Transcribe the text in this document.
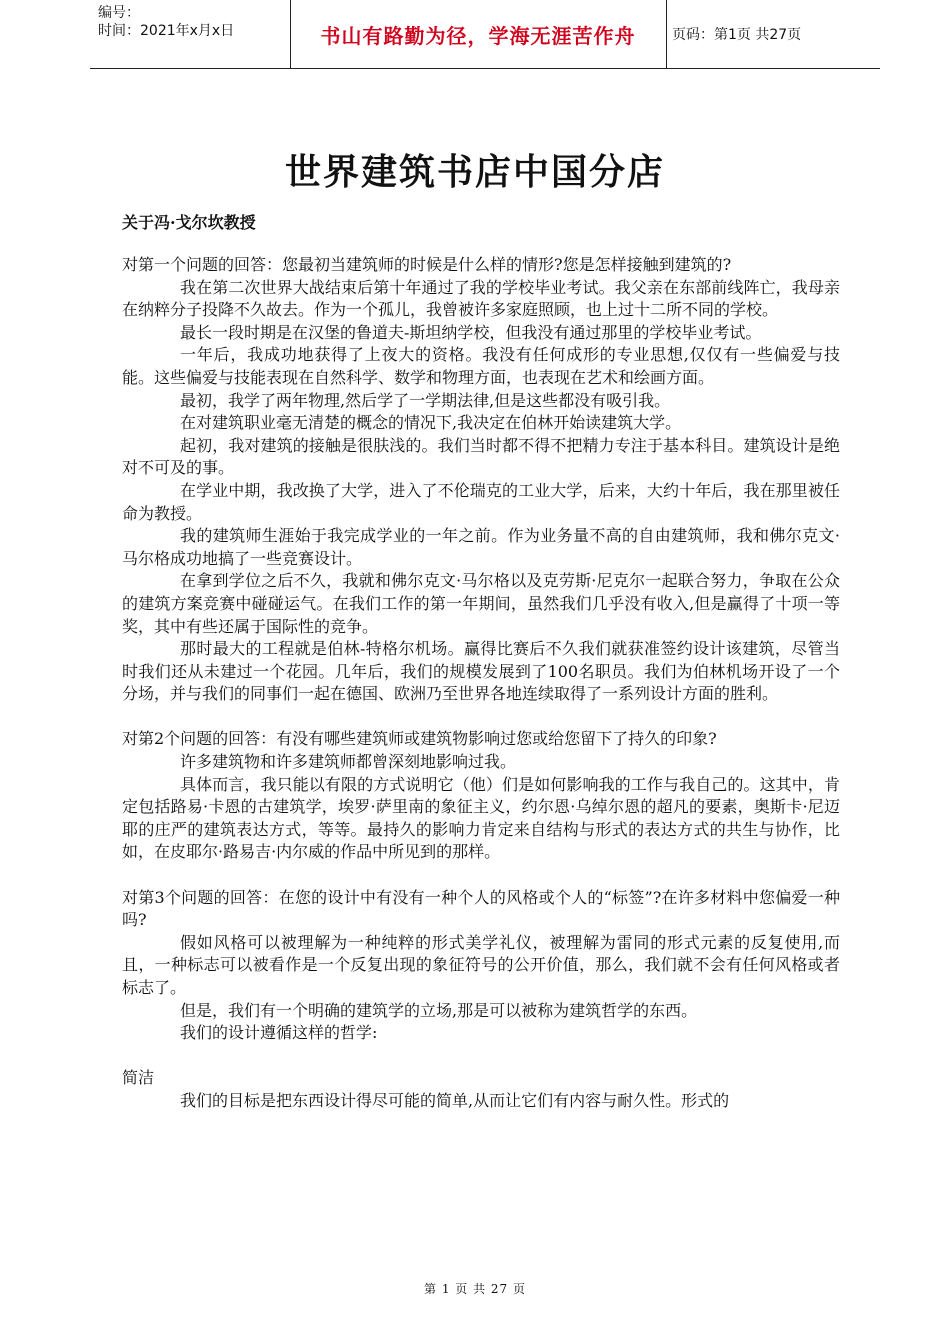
编号：
时间：2021年x月x日	书山有路勤为径，学海无涯苦作舟	页码：第1页 共27页
世界建筑书店中国分店
关于冯·戈尔坎教授

对第一个问题的回答：您最初当建筑师的时候是什么样的情形?您是怎样接触到建筑的?

我在第二次世界大战结束后第十年通过了我的学校毕业考试。我父亲在东部前线阵亡，我母亲在纳粹分子投降不久故去。作为一个孤儿，我曾被许多家庭照顾，也上过十二所不同的学校。

最长一段时期是在汉堡的鲁道夫-斯坦纳学校，但我没有通过那里的学校毕业考试。

一年后，我成功地获得了上夜大的资格。我没有任何成形的专业思想,仅仅有一些偏爱与技能。这些偏爱与技能表现在自然科学、数学和物理方面，也表现在艺术和绘画方面。

最初，我学了两年物理,然后学了一学期法律,但是这些都没有吸引我。

在对建筑职业毫无清楚的概念的情况下,我决定在伯林开始读建筑大学。

起初，我对建筑的接触是很肤浅的。我们当时都不得不把精力专注于基本科目。建筑设计是绝对不可及的事。

在学业中期，我改换了大学，进入了不伦瑞克的工业大学，后来，大约十年后，我在那里被任命为教授。

我的建筑师生涯始于我完成学业的一年之前。作为业务量不高的自由建筑师，我和佛尔克文·马尔格成功地搞了一些竞赛设计。

在拿到学位之后不久，我就和佛尔克文·马尔格以及克劳斯·尼克尔一起联合努力，争取在公众的建筑方案竞赛中碰碰运气。在我们工作的第一年期间，虽然我们几乎没有收入,但是赢得了十项一等奖，其中有些还属于国际性的竞争。

那时最大的工程就是伯林-特格尔机场。赢得比赛后不久我们就获准签约设计该建筑，尽管当时我们还从未建过一个花园。几年后，我们的规模发展到了100名职员。我们为伯林机场开设了一个分场，并与我们的同事们一起在德国、欧洲乃至世界各地连续取得了一系列设计方面的胜利。

对第2个问题的回答：有没有哪些建筑师或建筑物影响过您或给您留下了持久的印象?

许多建筑物和许多建筑师都曾深刻地影响过我。

具体而言，我只能以有限的方式说明它（他）们是如何影响我的工作与我自己的。这其中，肯定包括路易·卡恩的古建筑学，埃罗·萨里南的象征主义，约尔恩·乌绰尔恩的超凡的要素，奥斯卡·尼迈耶的庄严的建筑表达方式，等等。最持久的影响力肯定来自结构与形式的表达方式的共生与协作，比如，在皮耶尔·路易吉·内尔威的作品中所见到的那样。

对第3个问题的回答：在您的设计中有没有一种个人的风格或个人的“标签”?在许多材料中您偏爱一种吗?

假如风格可以被理解为一种纯粹的形式美学礼仪，被理解为雷同的形式元素的反复使用,而且，一种标志可以被看作是一个反复出现的象征符号的公开价值，那么，我们就不会有任何风格或者标志了。

但是，我们有一个明确的建筑学的立场,那是可以被称为建筑哲学的东西。

我们的设计遵循这样的哲学:

简洁

我们的目标是把东西设计得尽可能的简单,从而让它们有内容与耐久性。形式的

第 1 页 共 27 页
